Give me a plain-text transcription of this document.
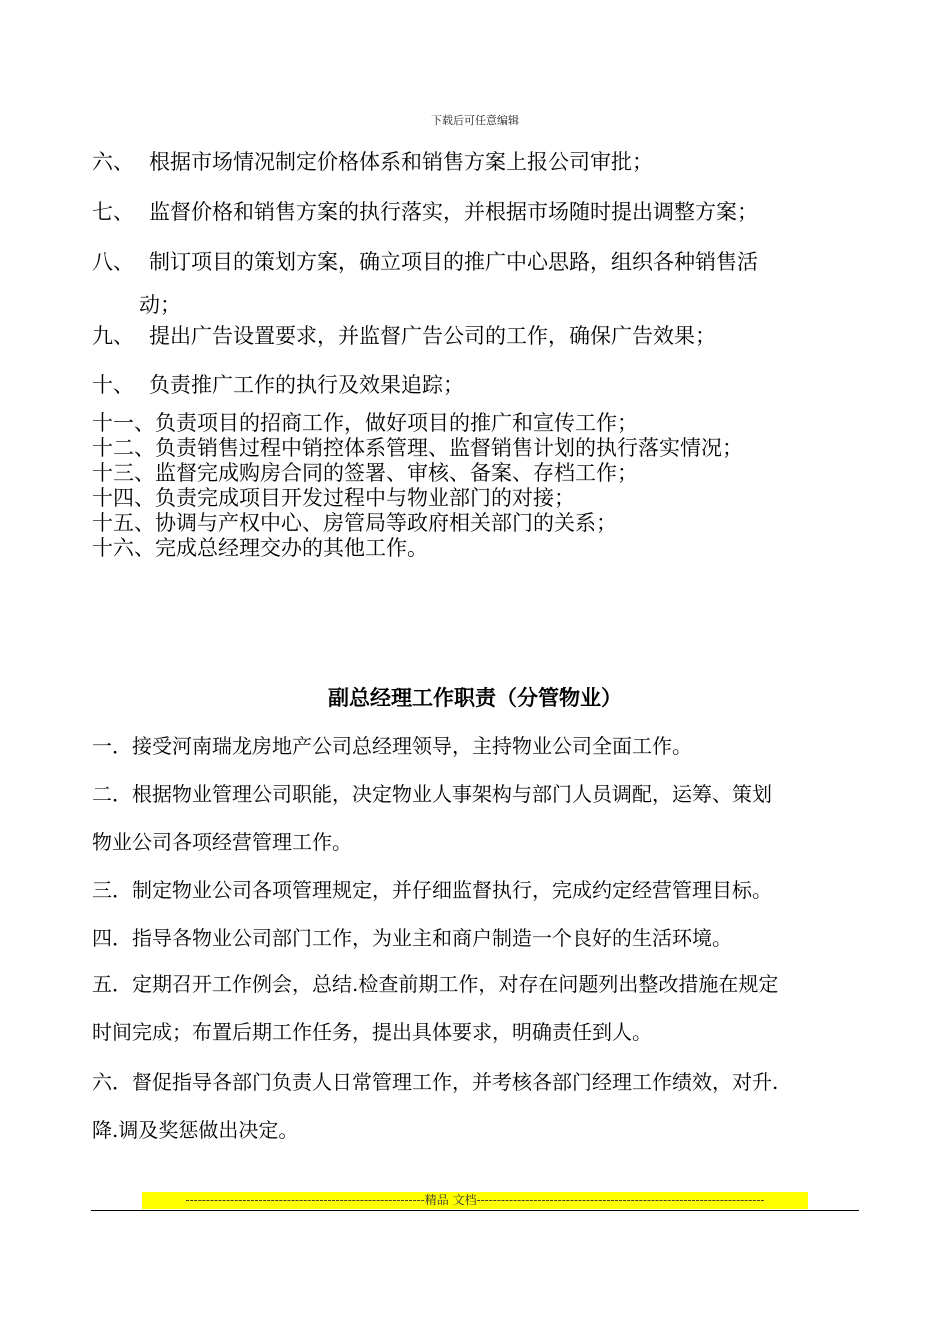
下载后可任意编辑
六、 根据市场情况制定价格体系和销售方案上报公司审批；
七、 监督价格和销售方案的执行落实，并根据市场随时提出调整方案；
八、 制订项目的策划方案，确立项目的推广中心思路，组织各种销售活
动；
九、 提出广告设置要求，并监督广告公司的工作，确保广告效果；
十、 负责推广工作的执行及效果追踪；
十一、负责项目的招商工作，做好项目的推广和宣传工作；
十二、负责销售过程中销控体系管理、监督销售计划的执行落实情况；
十三、监督完成购房合同的签署、审核、备案、存档工作；
十四、负责完成项目开发过程中与物业部门的对接；
十五、协调与产权中心、房管局等政府相关部门的关系；
十六、完成总经理交办的其他工作。
副总经理工作职责（分管物业）
一．接受河南瑞龙房地产公司总经理领导，主持物业公司全面工作。
二．根据物业管理公司职能，决定物业人事架构与部门人员调配，运筹、策划
物业公司各项经营管理工作。
三．制定物业公司各项管理规定，并仔细监督执行，完成约定经营管理目标。
四．指导各物业公司部门工作，为业主和商户制造一个良好的生活环境。
五．定期召开工作例会，总结.检查前期工作，对存在问题列出整改措施在规定
时间完成；布置后期工作任务，提出具体要求，明确责任到人。
六．督促指导各部门负责人日常管理工作，并考核各部门经理工作绩效，对升.
降.调及奖惩做出决定。
-----------------------------------------------------------精品 文档-----------------------------------------------------------------------
